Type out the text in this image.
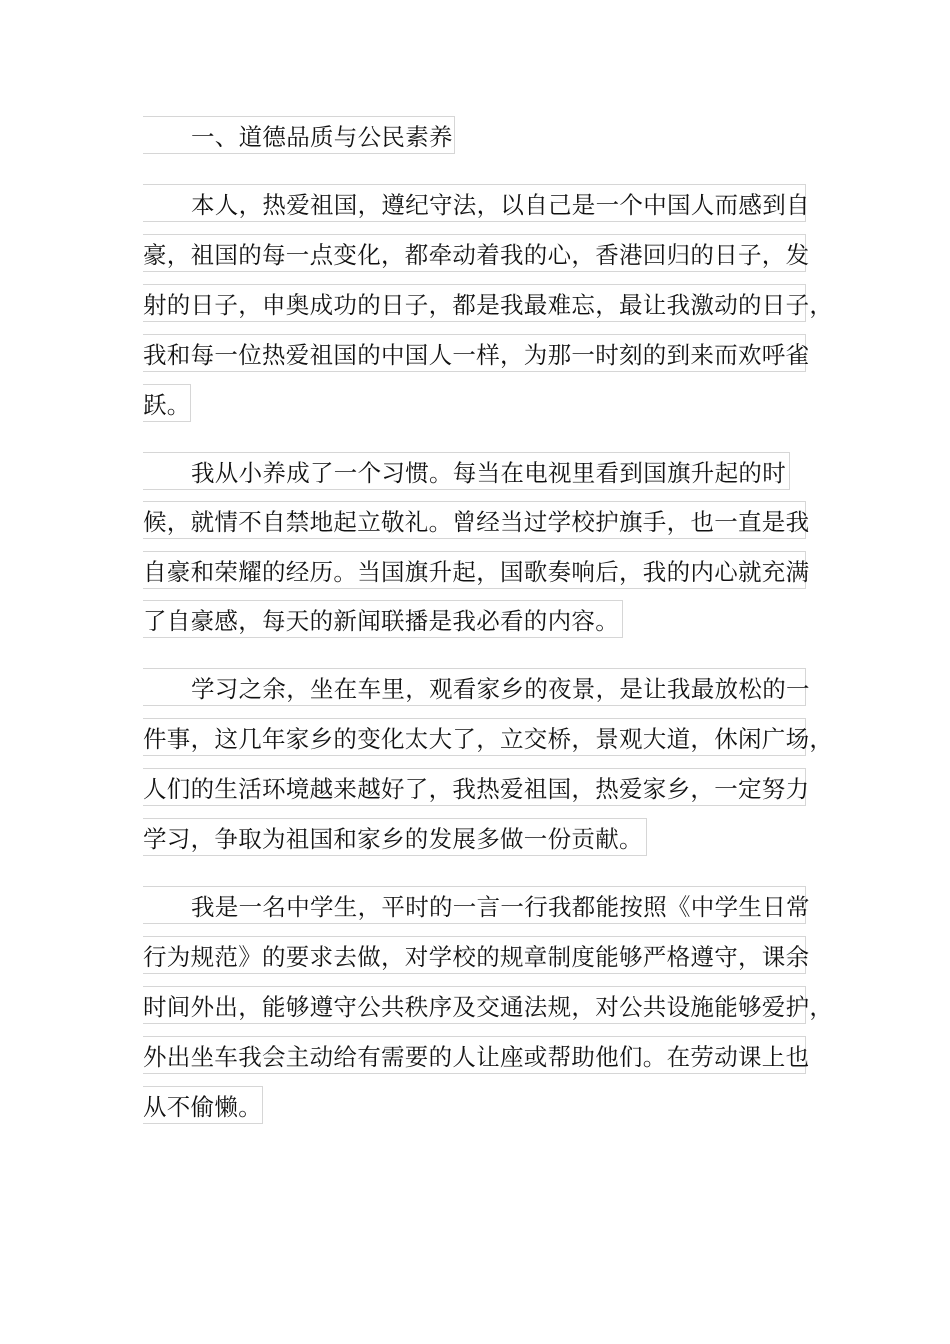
一、道德品质与公民素养
本人，热爱祖国，遵纪守法，以自己是一个中国人而感到自
豪，祖国的每一点变化，都牵动着我的心，香港回归的日子，发
射的日子，申奥成功的日子，都是我最难忘，最让我激动的日子，
我和每一位热爱祖国的中国人一样，为那一时刻的到来而欢呼雀
跃。
我从小养成了一个习惯。每当在电视里看到国旗升起的时
候，就情不自禁地起立敬礼。曾经当过学校护旗手，也一直是我
自豪和荣耀的经历。当国旗升起，国歌奏响后，我的内心就充满
了自豪感，每天的新闻联播是我必看的内容。
学习之余，坐在车里，观看家乡的夜景，是让我最放松的一
件事，这几年家乡的变化太大了，立交桥，景观大道，休闲广场，
人们的生活环境越来越好了，我热爱祖国，热爱家乡，一定努力
学习，争取为祖国和家乡的发展多做一份贡献。
我是一名中学生，平时的一言一行我都能按照《中学生日常
行为规范》的要求去做，对学校的规章制度能够严格遵守，课余
时间外出，能够遵守公共秩序及交通法规，对公共设施能够爱护，
外出坐车我会主动给有需要的人让座或帮助他们。在劳动课上也
从不偷懒。
